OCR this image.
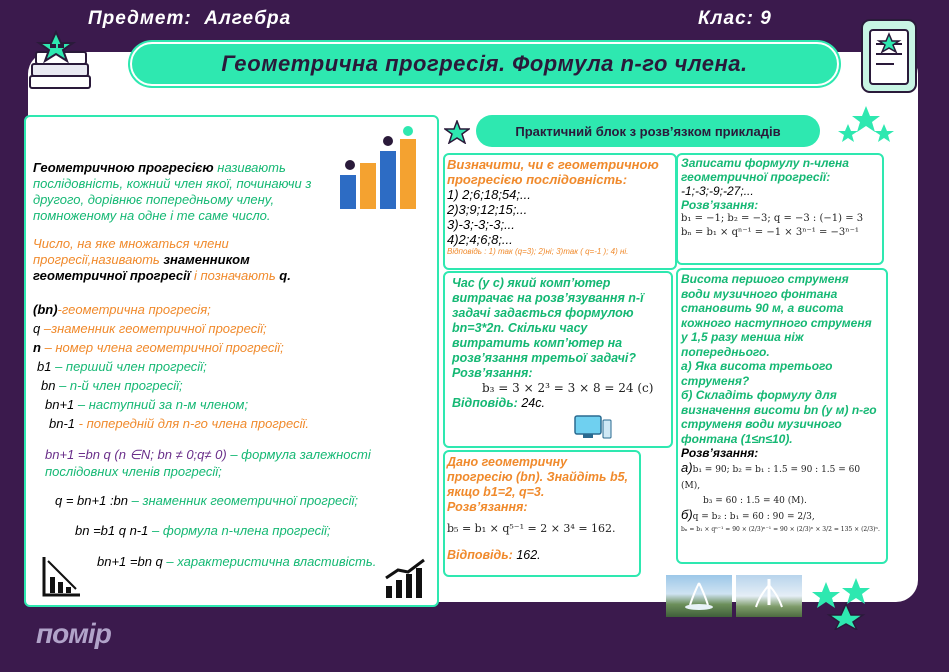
Предмет: Алгебра	Клас: 9
Геометрична прогресія. Формула n-го члена.
Геометричною прогресією називають послідовність, кожний член якої, починаючи з другого, дорівнює попередньому члену, помноженому на одне і те саме число.
Число, на яке множаться члени прогресії,називають знаменником геометричної прогресії і позначають q.
(bn)-геометрична прогресія;
q –знаменник геометричної прогресії;
n – номер члена геометричної прогресії;
b1 – перший член прогресії;
bn – n-й член прогресії;
bn+1 – наступний за n-м членом;
bn-1 - попередній для n-го члена прогресії.
bn+1 =bn q (n ∈N; bn ≠ 0;q≠ 0) – формула залежності послідовних членів прогресії;
q = bn+1 :bn – знаменник геометричної прогресії;
bn =b1 q n-1 – формула n-члена прогресії;
bn+1 =bn q – характеристична властивість.
Практичний блок з розв’язком прикладів
Визначити, чи є геометричною прогресією послідовність:
1) 2;6;18;54;...
2)3;9;12;15;...
3)-3;-3;-3;...
4)2;4;6;8;...
Відповідь : 1) так (q=3); 2)ні; 3)так ( q=-1 ); 4) ні.
Записати формулу n-члена геометричної прогресії:
-1;-3;-9;-27;...
Розв’язання:
b₁ = −1; b₂ = −3; q = −3 : (−1) = 3
bₙ = b₁ × qⁿ⁻¹ = −1 × 3ⁿ⁻¹ = −3ⁿ⁻¹
Час (у с) який комп’ютер витрачає на розв’язування n-ї задачі задається формулою bn=3*2n. Скільки часу витратить комп’ютер на розв’язання третьої задачі?
Розв’язання:
b₃ = 3 × 2³ = 3 × 8 = 24 (c)
Відповідь: 24с.
Висота першого струменя води музичного фонтана становить 90 м, а висота кожного наступного струменя у 1,5 разу менша ніж попереднього.
а) Яка висота третього струменя?
б) Складіть формулу для визначення висоти bn (у м) n-го струменя води музичного фонтана (1≤n≤10).
Розв’язання:
а)b₁ = 90; b₂ = b₁ : 1.5 = 90 : 1.5 = 60 (M),
b₃ = 60 : 1.5 = 40 (M).
б)q = b₂ : b₁ = 60 : 90 = 2/3,
bₙ = b₁ × qⁿ⁻¹ = 90 × (2/3)ⁿ⁻¹ = 90 × (2/3)ⁿ × 3/2 = 135 × (2/3)ⁿ.
Дано геометричну прогресію (bn). Знайдіть b5, якщо b1=2, q=3.
Розв’язання:
b₅ = b₁ × q⁵⁻¹ = 2 × 3⁴ = 162.
Відповідь: 162.
помір
